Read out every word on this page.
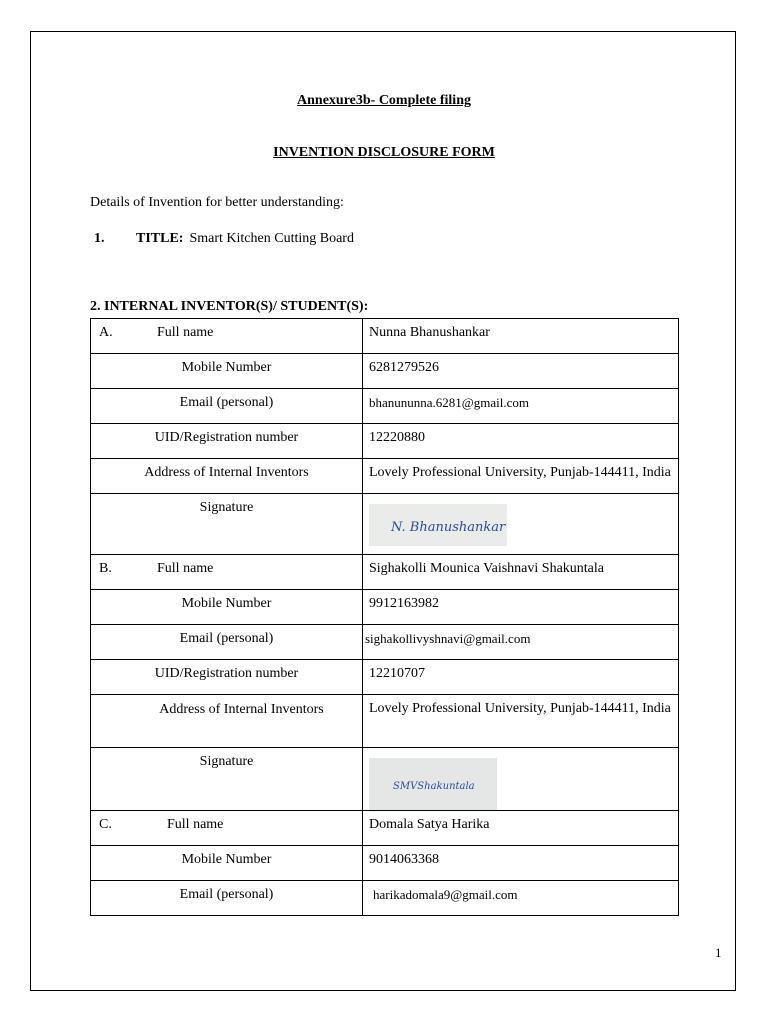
Annexure3b- Complete filing
INVENTION DISCLOSURE FORM
Details of Invention for better understanding:
1. TITLE: Smart Kitchen Cutting Board
2. INTERNAL INVENTOR(S)/ STUDENT(S):
A. Full name	Nunna Bhanushankar
Mobile Number	6281279526
Email (personal)	bhanununna.6281@gmail.com
UID/Registration number	12220880
Address of Internal Inventors	Lovely Professional University, Punjab-144411, India
Signature	N. Bhanushankar

B. Full name	Sighakolli Mounica Vaishnavi Shakuntala
Mobile Number	9912163982
Email (personal)	sighakollivyshnavi@gmail.com
UID/Registration number	12210707
Address of Internal Inventors	Lovely Professional University, Punjab-144411, India
Signature	SMVShakuntala

C. Full name	Domala Satya Harika
Mobile Number	9014063368
Email (personal)	harikadomala9@gmail.com
1
